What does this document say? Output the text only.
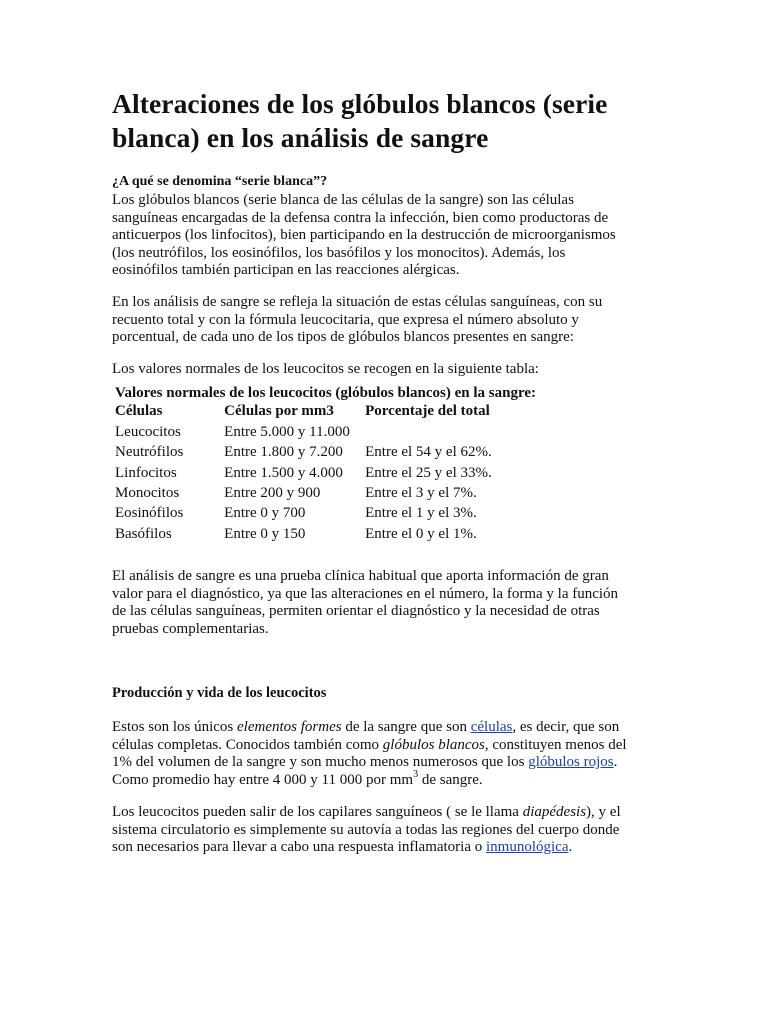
Alteraciones de los glóbulos blancos (serie blanca) en los análisis de sangre

¿A qué se denomina “serie blanca”?

Los glóbulos blancos (serie blanca de las células de la sangre) son las células sanguíneas encargadas de la defensa contra la infección, bien como productoras de anticuerpos (los linfocitos), bien participando en la destrucción de microorganismos (los neutrófilos, los eosinófilos, los basófilos y los monocitos). Además, los eosinófilos también participan en las reacciones alérgicas.

En los análisis de sangre se refleja la situación de estas células sanguíneas, con su recuento total y con la fórmula leucocitaria, que expresa el número absoluto y porcentual, de cada uno de los tipos de glóbulos blancos presentes en sangre:

Los valores normales de los leucocitos se recogen en la siguiente tabla:

Valores normales de los leucocitos (glóbulos blancos) en la sangre:

Células	Células por mm3	Porcentaje del total
Leucocitos	Entre 5.000 y 11.000	
Neutrófilos	Entre 1.800 y 7.200	Entre el 54 y el 62%.
Linfocitos	Entre 1.500 y 4.000	Entre el 25 y el 33%.
Monocitos	Entre 200 y 900	Entre el 3 y el 7%.
Eosinófilos	Entre 0 y 700	Entre el 1 y el 3%.
Basófilos	Entre 0 y 150	Entre el 0 y el 1%.

El análisis de sangre es una prueba clínica habitual que aporta información de gran valor para el diagnóstico, ya que las alteraciones en el número, la forma y la función de las células sanguíneas, permiten orientar el diagnóstico y la necesidad de otras pruebas complementarias.

Producción y vida de los leucocitos

Estos son los únicos elementos formes de la sangre que son células, es decir, que son células completas. Conocidos también como glóbulos blancos, constituyen menos del 1% del volumen de la sangre y son mucho menos numerosos que los glóbulos rojos. Como promedio hay entre 4 000 y 11 000 por $mm^3$ de sangre.

Los leucocitos pueden salir de los capilares sanguíneos ( se le llama diapédesis), y el sistema circulatorio es simplemente su autovía a todas las regiones del cuerpo donde son necesarios para llevar a cabo una respuesta inflamatoria o inmunológica.
